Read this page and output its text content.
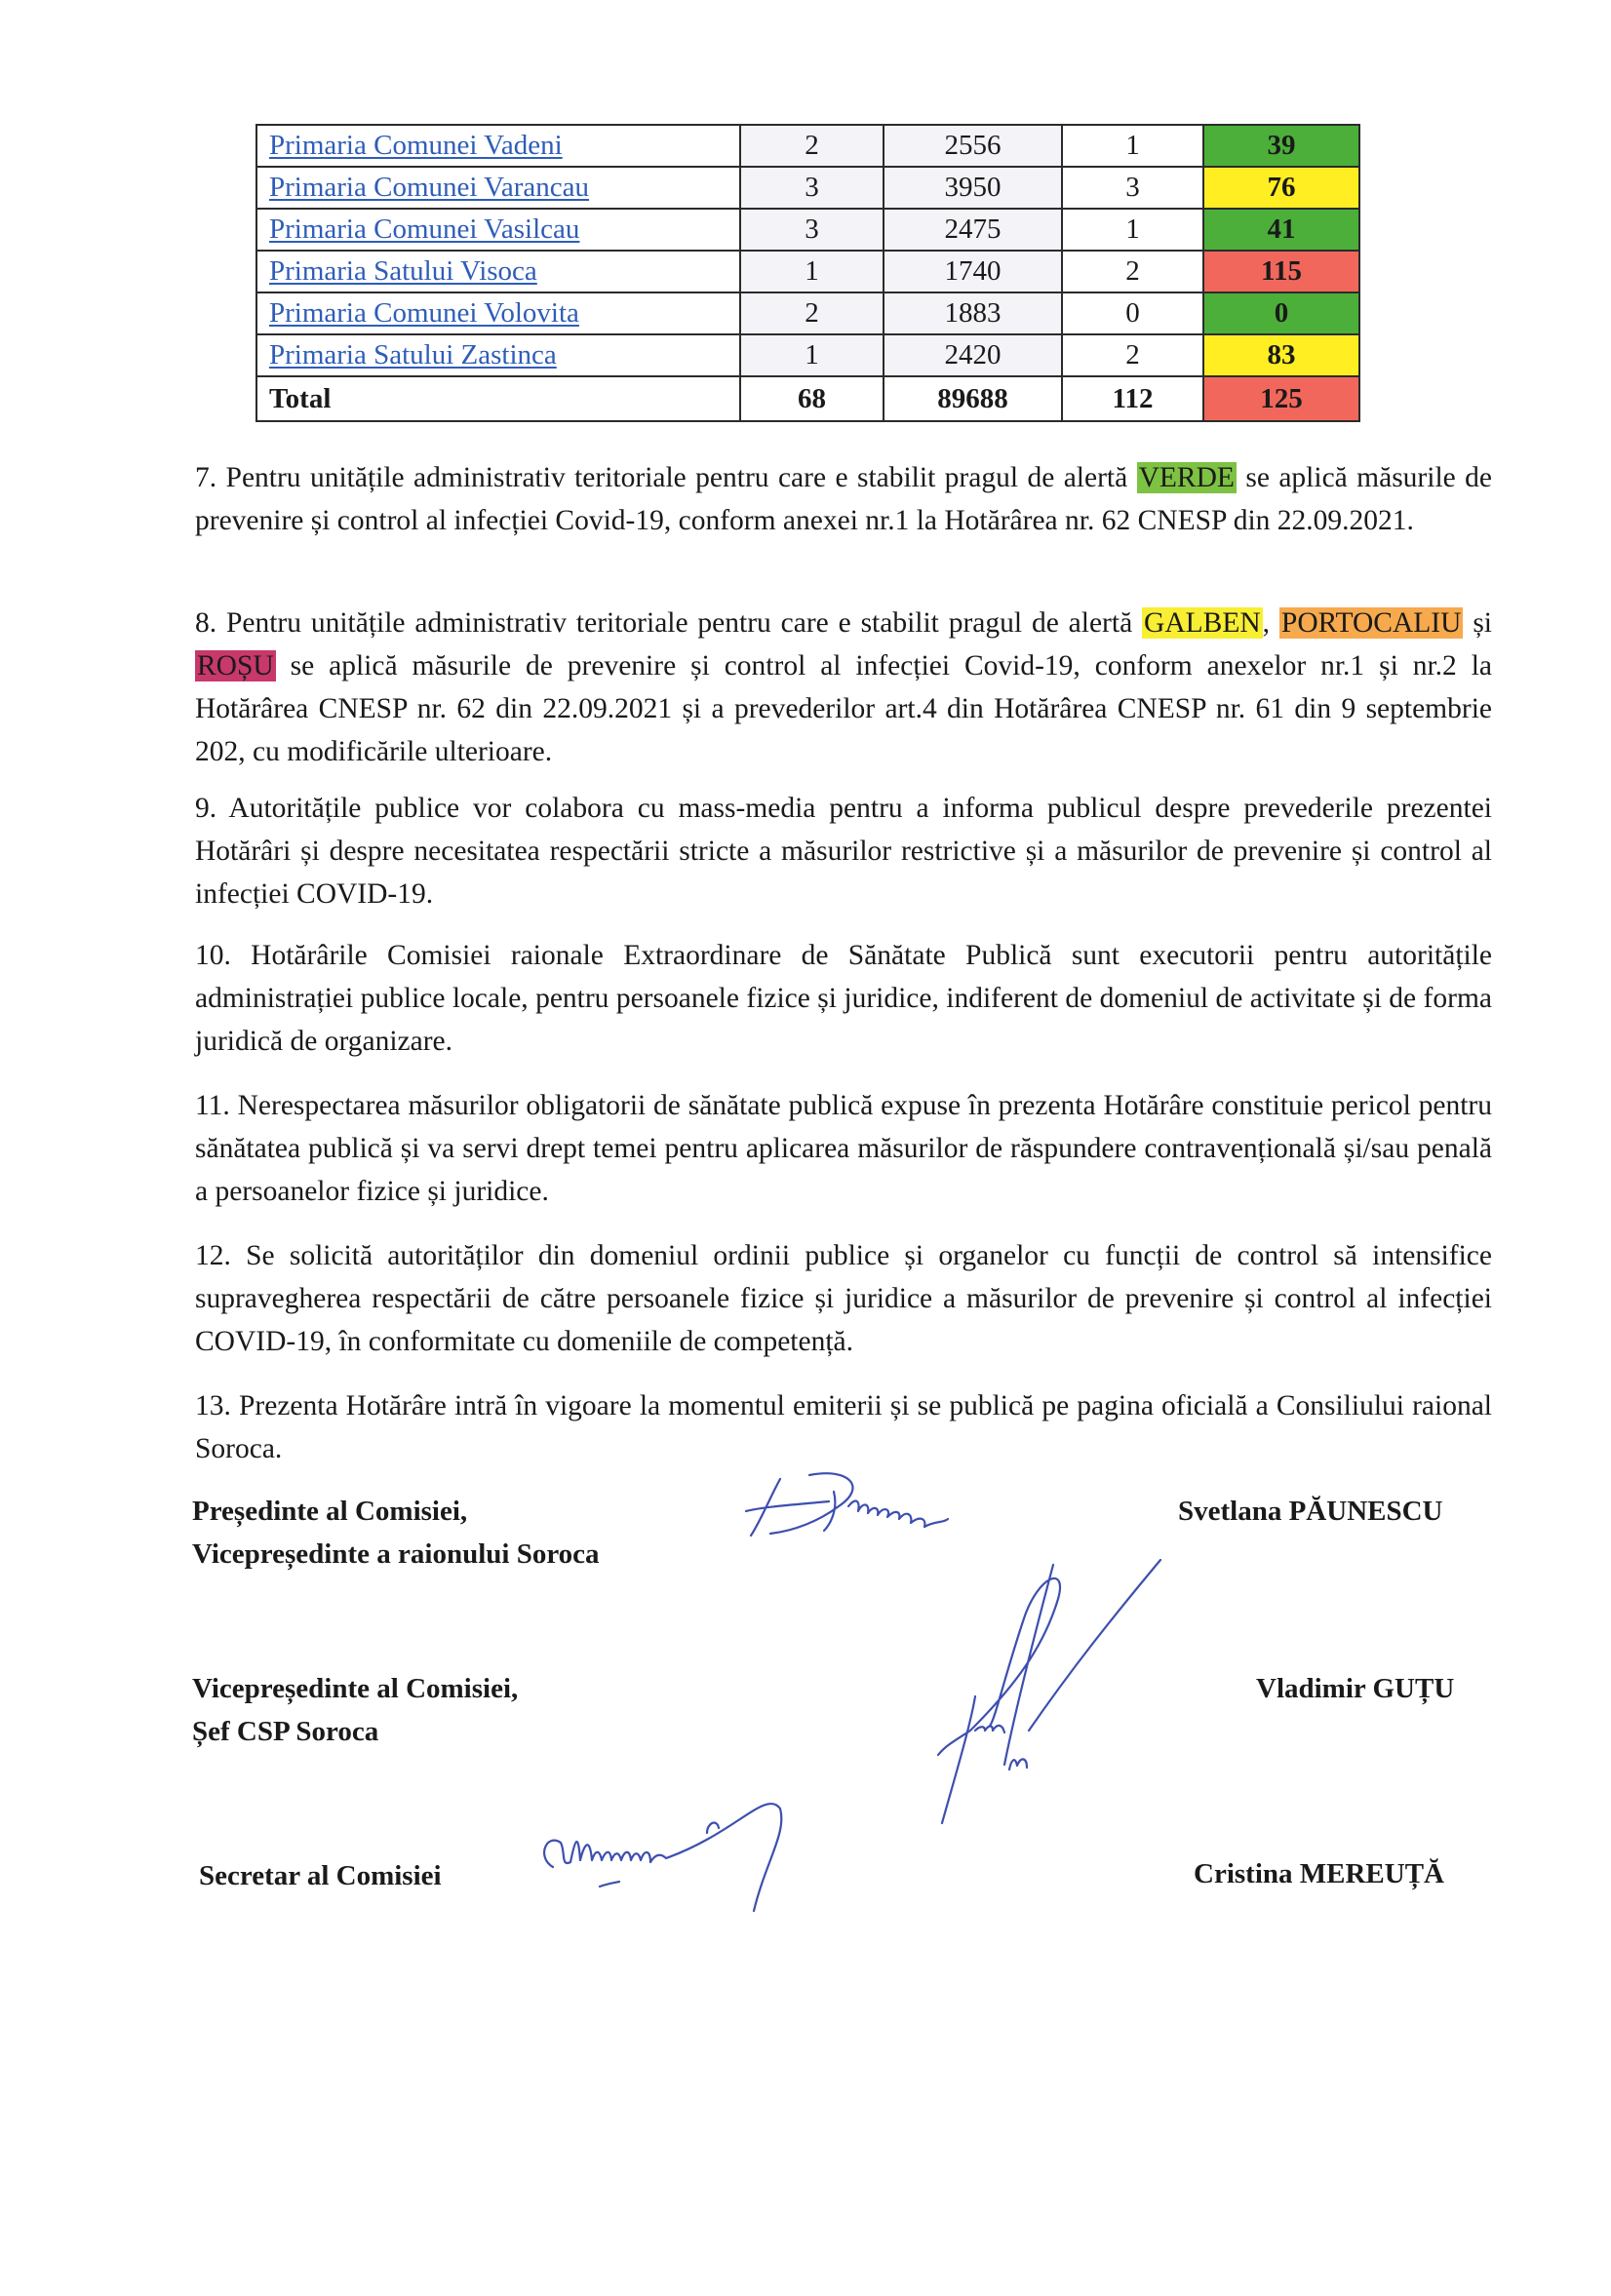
Primaria Comunei Vadeni	2	2556	1	39
Primaria Comunei Varancau	3	3950	3	76
Primaria Comunei Vasilcau	3	2475	1	41
Primaria Satului Visoca	1	1740	2	115
Primaria Comunei Volovita	2	1883	0	0
Primaria Satului Zastinca	1	2420	2	83
Total	68	89688	112	125

7. Pentru unitățile administrativ teritoriale pentru care e stabilit pragul de alertă VERDE se aplică măsurile de prevenire și control al infecției Covid-19, conform anexei nr.1 la Hotărârea nr. 62 CNESP din 22.09.2021.

8. Pentru unitățile administrativ teritoriale pentru care e stabilit pragul de alertă GALBEN, PORTOCALIU și ROȘU se aplică măsurile de prevenire și control al infecției Covid-19, conform anexelor nr.1 și nr.2 la Hotărârea CNESP nr. 62 din 22.09.2021 și a prevederilor art.4 din Hotărârea CNESP nr. 61 din 9 septembrie 202, cu modificările ulterioare.

9. Autoritățile publice vor colabora cu mass-media pentru a informa publicul despre prevederile prezentei Hotărâri și despre necesitatea respectării stricte a măsurilor restrictive și a măsurilor de prevenire și control al infecției COVID-19.

10. Hotărârile Comisiei raionale Extraordinare de Sănătate Publică sunt executorii pentru autoritățile administrației publice locale, pentru persoanele fizice și juridice, indiferent de domeniul de activitate și de forma juridică de organizare.

11. Nerespectarea măsurilor obligatorii de sănătate publică expuse în prezenta Hotărâre constituie pericol pentru sănătatea publică și va servi drept temei pentru aplicarea măsurilor de răspundere contravențională și/sau penală a persoanelor fizice și juridice.

12. Se solicită autorităților din domeniul ordinii publice și organelor cu funcții de control să intensifice supravegherea respectării de către persoanele fizice și juridice a măsurilor de prevenire și control al infecției COVID-19, în conformitate cu domeniile de competență.

13. Prezenta Hotărâre intră în vigoare la momentul emiterii și se publică pe pagina oficială a Consiliului raional Soroca.

Președinte al Comisiei,
Vicepreședinte a raionului Soroca
Svetlana PĂUNESCU
Vicepreședinte al Comisiei,
Șef CSP Soroca
Vladimir GUȚU
Secretar al Comisiei	Cristina MEREUȚĂ
